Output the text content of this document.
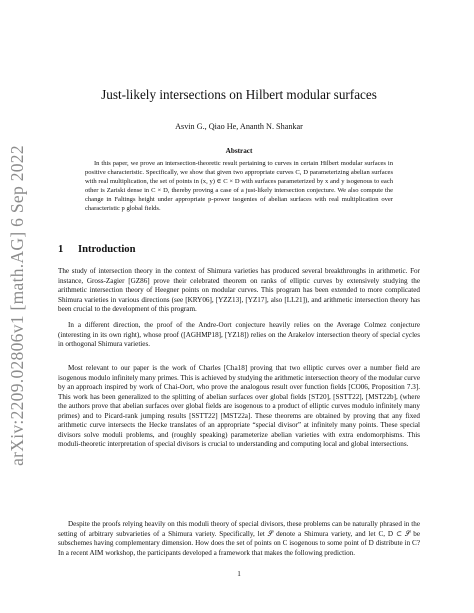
arXiv:2209.02806v1 [math.AG] 6 Sep 2022
Just-likely intersections on Hilbert modular surfaces
Asvin G., Qiao He, Ananth N. Shankar
Abstract

In this paper, we prove an intersection-theoretic result pertaining to curves in certain Hilbert modular surfaces in positive characteristic. Specifically, we show that given two appropriate curves C, D parameterizing abelian surfaces with real multiplication, the set of points in (x, y) ∈ C × D with surfaces parameterized by x and y isogenous to each other is Zariski dense in C × D, thereby proving a case of a just-likely intersection conjecture. We also compute the change in Faltings height under appropriate p-power isogenies of abelian surfaces with real multiplication over characteristic p global fields.

1 Introduction

The study of intersection theory in the context of Shimura varieties has produced several breakthroughs in arithmetic. For instance, Gross-Zagier [GZ86] prove their celebrated theorem on ranks of elliptic curves by extensively studying the arithmetic intersection theory of Heegner points on modular curves. This program has been extended to more complicated Shimura varieties in various directions (see [KRY06], [YZZ13], [YZ17], also [LL21]), and arithmetic intersection theory has been crucial to the development of this program.

In a different direction, the proof of the Andre-Oort conjecture heavily relies on the Average Colmez conjecture (interesting in its own right), whose proof ([AGHMP18], [YZ18]) relies on the Arakelov intersection theory of special cycles in orthogonal Shimura varieties.

Most relevant to our paper is the work of Charles [Cha18] proving that two elliptic curves over a number field are isogenous modulo infinitely many primes. This is achieved by studying the arithmetic intersection theory of the modular curve by an approach inspired by work of Chai-Oort, who prove the analogous result over function fields [CO06, Proposition 7.3]. This work has been generalized to the splitting of abelian surfaces over global fields [ST20], [SSTT22], [MST22b], (where the authors prove that abelian surfaces over global fields are isogenous to a product of elliptic curves modulo infinitely many primes) and to Picard-rank jumping results [SSTT22] [MST22a]. These theorems are obtained by proving that any fixed arithmetic curve intersects the Hecke translates of an appropriate “special divisor” at infinitely many points. These special divisors solve moduli problems, and (roughly speaking) parameterize abelian varieties with extra endomorphisms. This moduli-theoretic interpretation of special divisors is crucial to understanding and computing local and global intersections.

Despite the proofs relying heavily on this moduli theory of special divisors, these problems can be naturally phrased in the setting of arbitrary subvarieties of a Shimura variety. Specifically, let 𝒮 denote a Shimura variety, and let C, D ⊂ 𝒮 be subschemes having complementary dimension. How does the set of points on C isogenous to some point of D distribute in C? In a recent AIM workshop, the participants developed a framework that makes the following prediction.

1
